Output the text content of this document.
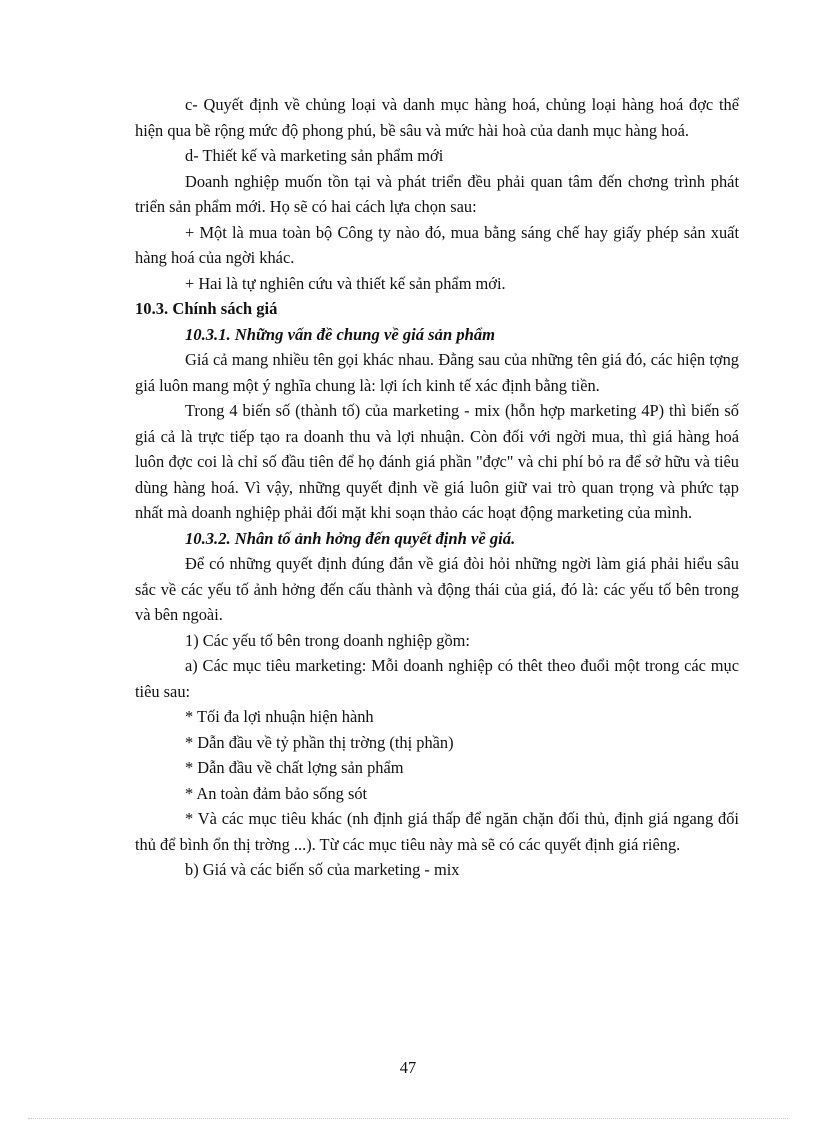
c- Quyết định về chủng loại và danh mục hàng hoá, chủng loại hàng hoá đợc thể hiện qua bề rộng mức độ phong phú, bề sâu và mức hài hoà của danh mục hàng hoá.

d- Thiết kế và marketing sản phẩm mới

Doanh nghiệp muốn tồn tại và phát triển đều phải quan tâm đến chơng trình phát triển sản phẩm mới. Họ sẽ có hai cách lựa chọn sau:

+ Một là mua toàn bộ Công ty nào đó, mua bằng sáng chế hay giấy phép sản xuất hàng hoá của ngời khác.

+ Hai là tự nghiên cứu và thiết kế sản phẩm mới.

10.3. Chính sách giá

10.3.1. Những vấn đề chung về giá sản phẩm

Giá cả mang nhiều tên gọi khác nhau. Đằng sau của những tên giá đó, các hiện tợng giá luôn mang một ý nghĩa chung là: lợi ích kinh tế xác định bằng tiền.

Trong 4 biến số (thành tố) của marketing - mix (hỗn hợp marketing 4P) thì biến số giá cả là trực tiếp tạo ra doanh thu và lợi nhuận. Còn đối với ngời mua, thì giá hàng hoá luôn đợc coi là chỉ số đầu tiên để họ đánh giá phần "đợc" và chi phí bỏ ra để sở hữu và tiêu dùng hàng hoá. Vì vậy, những quyết định về giá luôn giữ vai trò quan trọng và phức tạp nhất mà doanh nghiệp phải đối mặt khi soạn thảo các hoạt động marketing của mình.

10.3.2. Nhân tố ảnh hởng đến quyết định về giá.

Để có những quyết định đúng đắn về giá đòi hỏi những ngời làm giá phải hiểu sâu sắc về các yếu tố ảnh hởng đến cấu thành và động thái của giá, đó là: các yếu tố bên trong và bên ngoài.

1) Các yếu tố bên trong doanh nghiệp gồm:

a) Các mục tiêu marketing: Mỗi doanh nghiệp có thêt theo đuổi một trong các mục tiêu sau:

* Tối đa lợi nhuận hiện hành

* Dẫn đầu về tỷ phần thị trờng (thị phần)

* Dẫn đầu về chất lợng sản phẩm

* An toàn đảm bảo sống sót

* Và các mục tiêu khác (nh định giá thấp để ngăn chặn đối thủ, định giá ngang đối thủ để bình ổn thị trờng ...). Từ các mục tiêu này mà sẽ có các quyết định giá riêng.

b) Giá và các biến số của marketing - mix

47
